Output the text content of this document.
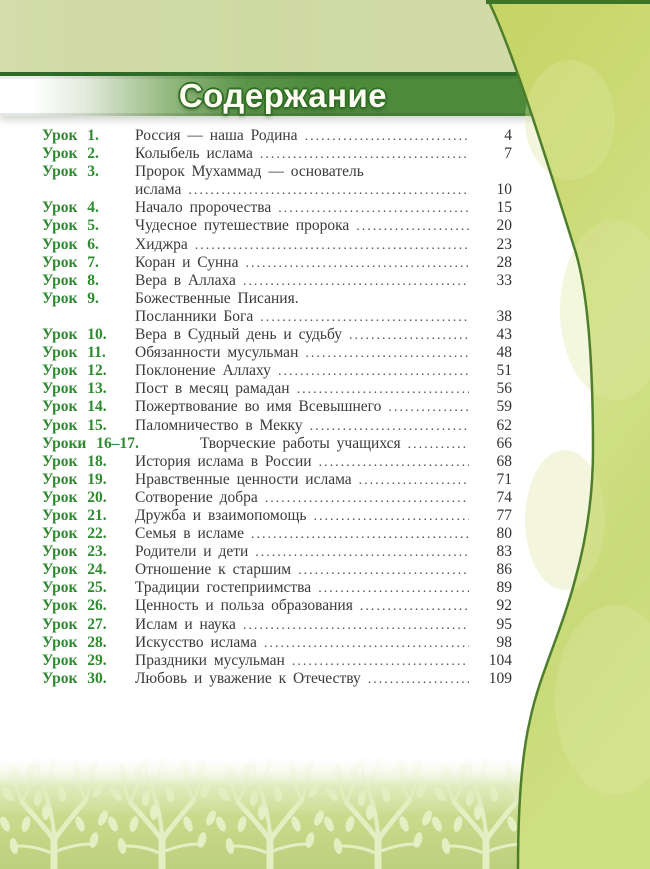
Содержание
Урок 1.	Россия — наша Родина .....	4
Урок 2.	Колыбель ислама .....	7
Урок 3.	Пророк Мухаммад — основатель
ислама .....	10
Урок 4.	Начало пророчества .....	15
Урок 5.	Чудесное путешествие пророка .....	20
Урок 6.	Хиджра .....	23
Урок 7.	Коран и Сунна .....	28
Урок 8.	Вера в Аллаха .....	33
Урок 9.	Божественные Писания.
Посланники Бога .....	38
Урок 10.	Вера в Судный день и судьбу .....	43
Урок 11.	Обязанности мусульман .....	48
Урок 12.	Поклонение Аллаху .....	51
Урок 13.	Пост в месяц рамадан .....	56
Урок 14.	Пожертвование во имя Всевышнего .....	59
Урок 15.	Паломничество в Мекку .....	62
Уроки 16–17.	Творческие работы учащихся .....	66
Урок 18.	История ислама в России .....	68
Урок 19.	Нравственные ценности ислама .....	71
Урок 20.	Сотворение добра .....	74
Урок 21.	Дружба и взаимопомощь .....	77
Урок 22.	Семья в исламе .....	80
Урок 23.	Родители и дети .....	83
Урок 24.	Отношение к старшим .....	86
Урок 25.	Традиции гостеприимства .....	89
Урок 26.	Ценность и польза образования .....	92
Урок 27.	Ислам и наука .....	95
Урок 28.	Искусство ислама .....	98
Урок 29.	Праздники мусульман .....	104
Урок 30.	Любовь и уважение к Отечеству .....	109
